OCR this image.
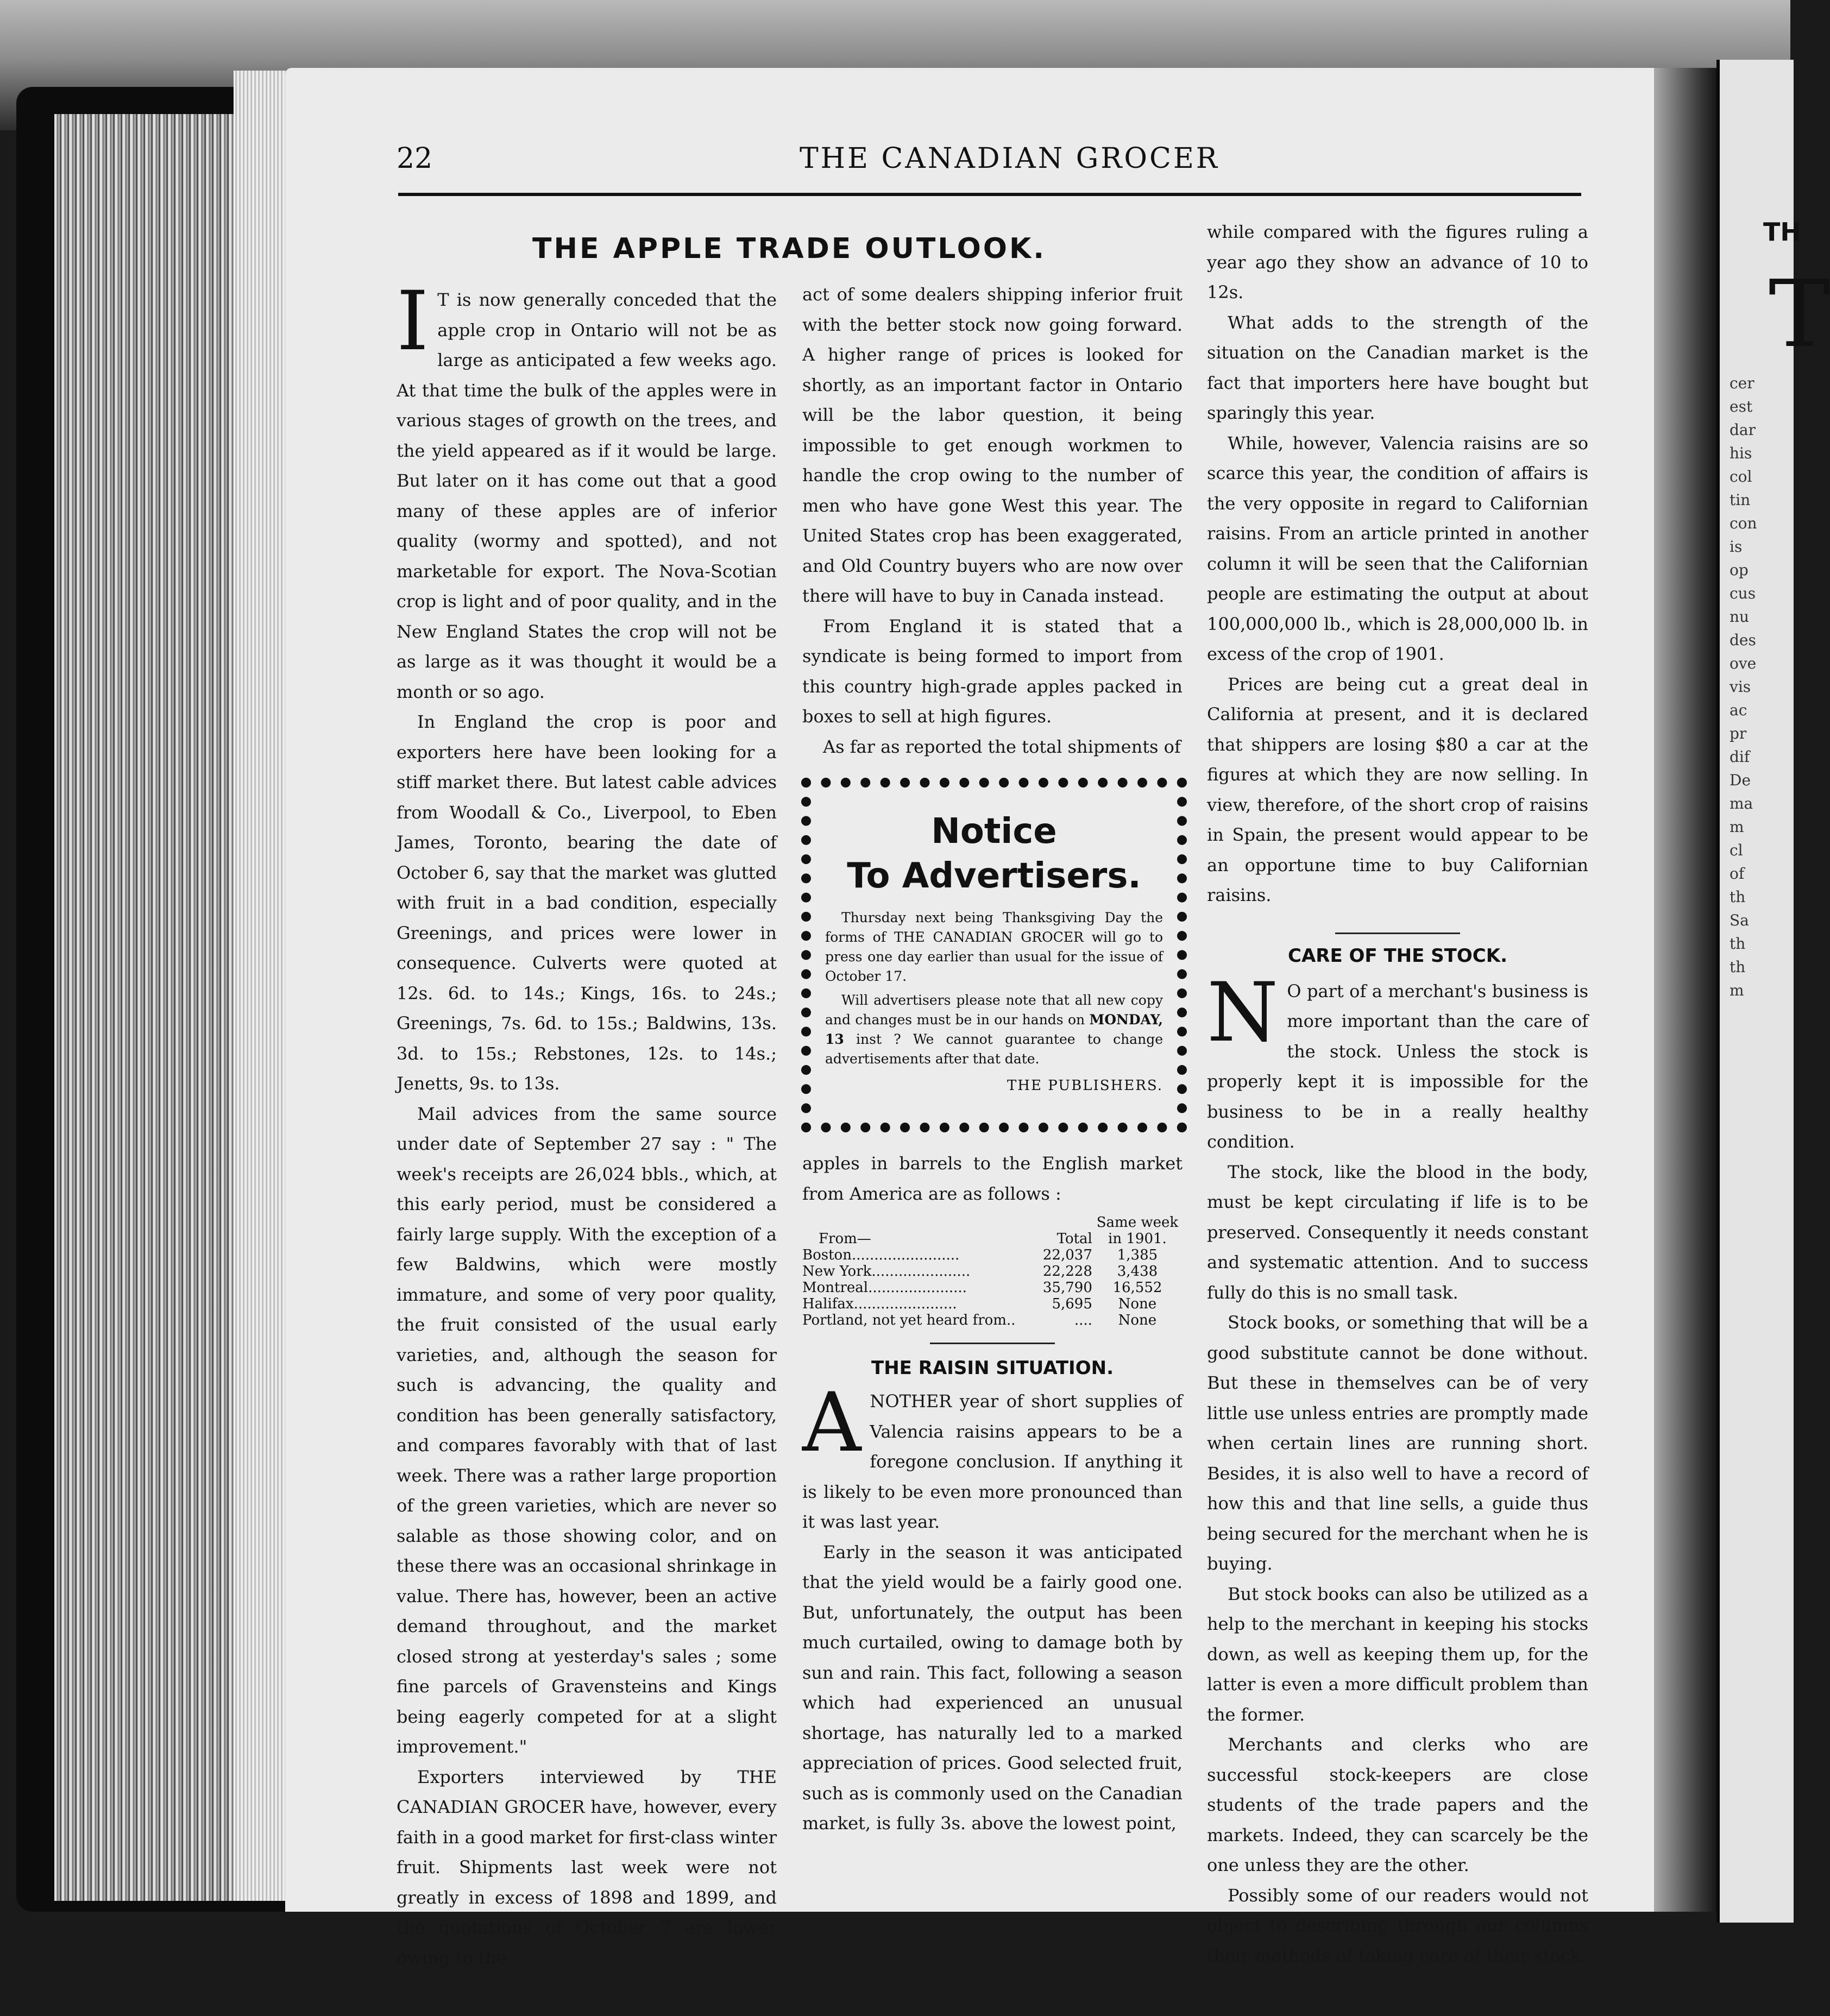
TH
T
cer
est
dar
his
col
tin
con
is
op
cus
nu
des
ove
vis
ac
pr
dif
De
ma
m
cl
of
th
Sa
th
th
m
22	THE CANADIAN GROCER
THE APPLE TRADE OUTLOOK.

I T is now generally conceded that the apple crop in Ontario will not be as large as anticipated a few weeks ago. At that time the bulk of the apples were in various stages of growth on the trees, and the yield appeared as if it would be large. But later on it has come out that a good many of these apples are of inferior quality (wormy and spotted), and not marketable for export. The Nova-Scotian crop is light and of poor quality, and in the New England States the crop will not be as large as it was thought it would be a month or so ago.

In England the crop is poor and exporters here have been looking for a stiff market there. But latest cable advices from Woodall & Co., Liverpool, to Eben James, Toronto, bearing the date of October 6, say that the market was glutted with fruit in a bad condition, especially Greenings, and prices were lower in consequence. Culverts were quoted at 12s. 6d. to 14s.; Kings, 16s. to 24s.; Greenings, 7s. 6d. to 15s.; Baldwins, 13s. 3d. to 15s.; Rebstones, 12s. to 14s.; Jenetts, 9s. to 13s.

Mail advices from the same source under date of September 27 say : " The week's receipts are 26,024 bbls., which, at this early period, must be considered a fairly large supply. With the exception of a few Baldwins, which were mostly immature, and some of very poor quality, the fruit consisted of the usual early varieties, and, although the season for such is advancing, the quality and condition has been generally satisfactory, and compares favorably with that of last week. There was a rather large proportion of the green varieties, which are never so salable as those showing color, and on these there was an occasional shrinkage in value. There has, however, been an active demand throughout, and the market closed strong at yesterday's sales ; some fine parcels of Gravensteins and Kings being eagerly competed for at a slight improvement."

Exporters interviewed by THE CANADIAN GROCER have, however, every faith in a good market for first-class winter fruit. Shipments last week were not greatly in excess of 1898 and 1899, and the quotations of October 7 are lower owing to the

act of some dealers shipping inferior fruit with the better stock now going forward. A higher range of prices is looked for shortly, as an important factor in Ontario will be the labor question, it being impossible to get enough workmen to handle the crop owing to the number of men who have gone West this year. The United States crop has been exaggerated, and Old Country buyers who are now over there will have to buy in Canada instead.

From England it is stated that a syndicate is being formed to import from this country high-grade apples packed in boxes to sell at high figures.

As far as reported the total shipments of

Notice
To Advertisers.

Thursday next being Thanksgiving Day the forms of THE CANADIAN GROCER will go to press one day earlier than usual for the issue of October 17.

Will advertisers please note that all new copy and changes must be in our hands on MONDAY, 13 inst ? We cannot guarantee to change advertisements after that date.

THE PUBLISHERS.

apples in barrels to the English market from America are as follows :

		Same week
From—	Total	in 1901.
Boston........................	22,037	1,385
New York......................	22,228	3,438
Montreal......................	35,790	16,552
Halifax.......................	5,695	None
Portland, not yet heard from..	....	None
THE RAISIN SITUATION.

ANOTHER year of short supplies of Valencia raisins appears to be a foregone conclusion. If anything it is likely to be even more pronounced than it was last year.

Early in the season it was anticipated that the yield would be a fairly good one. But, unfortunately, the output has been much curtailed, owing to damage both by sun and rain. This fact, following a season which had experienced an unusual shortage, has naturally led to a marked appreciation of prices. Good selected fruit, such as is commonly used on the Canadian market, is fully 3s. above the lowest point,

while compared with the figures ruling a year ago they show an advance of 10 to 12s.

What adds to the strength of the situation on the Canadian market is the fact that importers here have bought but sparingly this year.

While, however, Valencia raisins are so scarce this year, the condition of affairs is the very opposite in regard to Californian raisins. From an article printed in another column it will be seen that the Californian people are estimating the output at about 100,000,000 lb., which is 28,000,000 lb. in excess of the crop of 1901.

Prices are being cut a great deal in California at present, and it is declared that shippers are losing $80 a car at the figures at which they are now selling. In view, therefore, of the short crop of raisins in Spain, the present would appear to be an opportune time to buy Californian raisins.

CARE OF THE STOCK.

N O part of a merchant's business is more important than the care of the stock. Unless the stock is properly kept it is impossible for the business to be in a really healthy condition.

The stock, like the blood in the body, must be kept circulating if life is to be preserved. Consequently it needs constant and systematic attention. And to success fully do this is no small task.

Stock books, or something that will be a good substitute cannot be done without. But these in themselves can be of very little use unless entries are promptly made when certain lines are running short. Besides, it is also well to have a record of how this and that line sells, a guide thus being secured for the merchant when he is buying.

But stock books can also be utilized as a help to the merchant in keeping his stocks down, as well as keeping them up, for the latter is even a more difficult problem than the former.

Merchants and clerks who are successful stock-keepers are close students of the trade papers and the markets. Indeed, they can scarcely be the one unless they are the other.

Possibly some of our readers would not object to describing through our columns their methods of taking care of their stock.
